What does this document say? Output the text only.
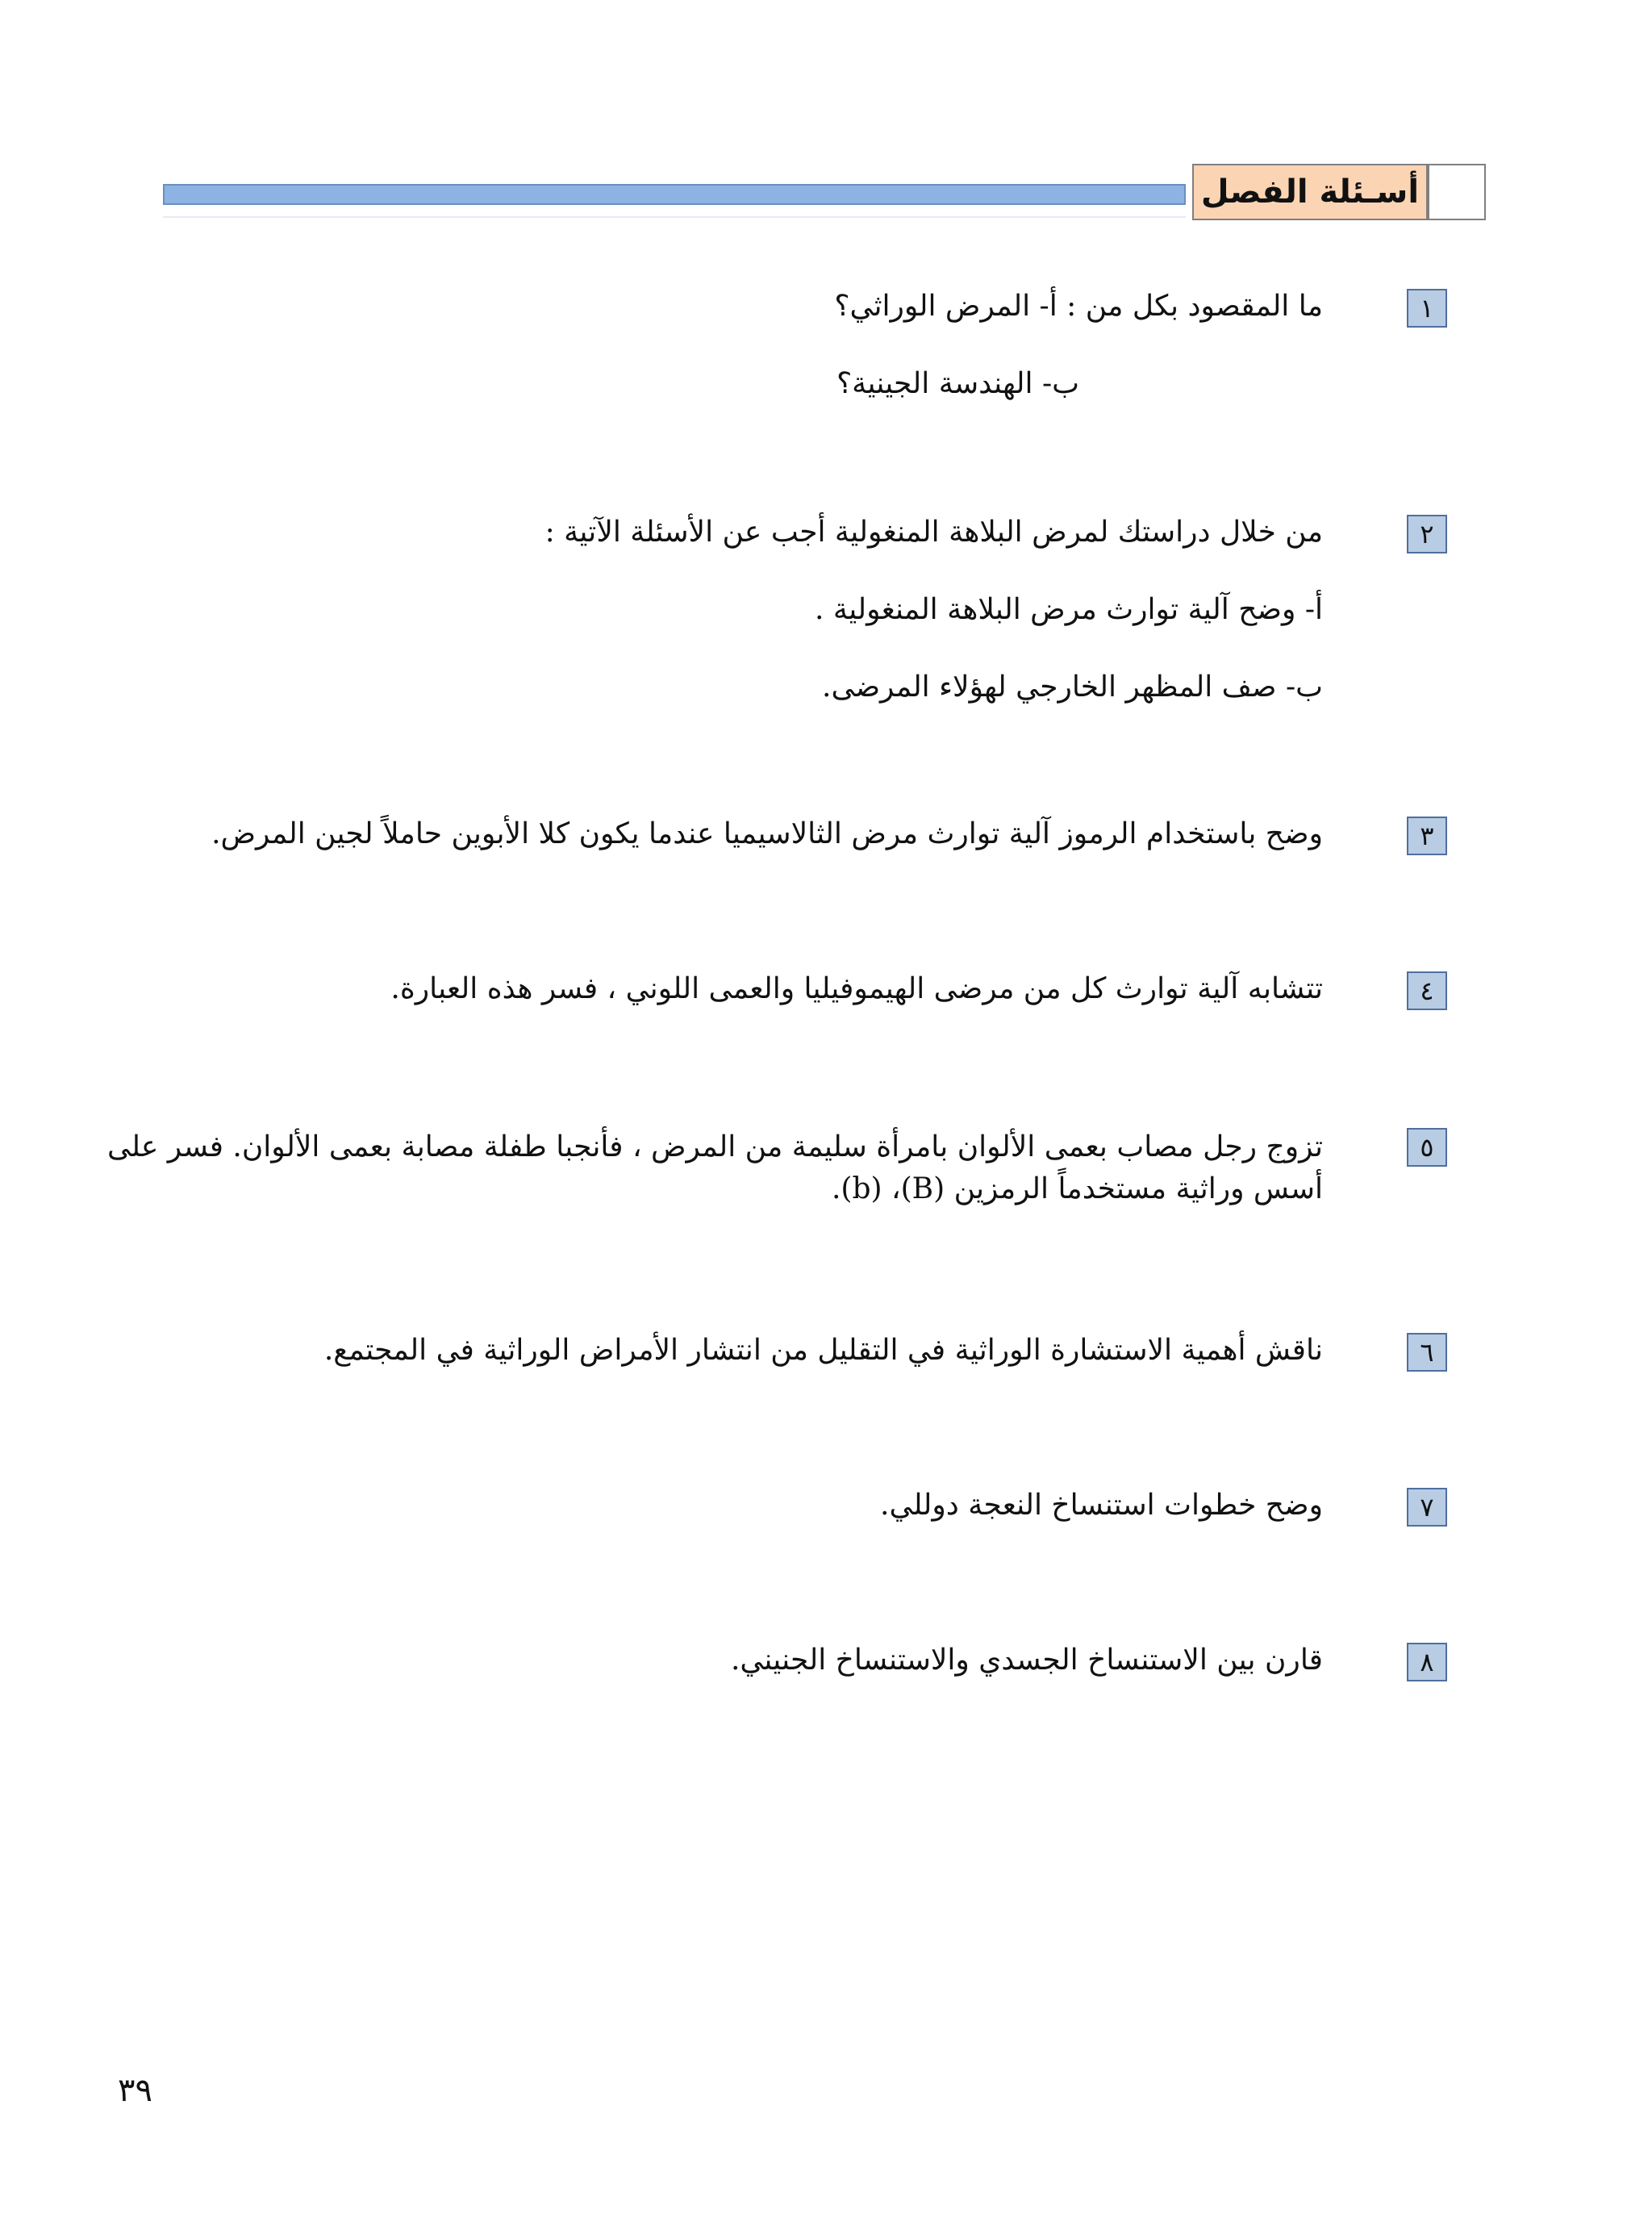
أسـئلة الفصل
١
ما المقصود بكل من : أ- المرض الوراثي؟
ب- الهندسة الجينية؟
٢
من خلال دراستك لمرض البلاهة المنغولية أجب عن الأسئلة الآتية :
أ- وضح آلية توارث مرض البلاهة المنغولية .
ب- صف المظهر الخارجي لهؤلاء المرضى.
٣
وضح باستخدام الرموز آلية توارث مرض الثالاسيميا عندما يكون كلا الأبوين حاملاً لجين المرض.
٤
تتشابه آلية توارث كل من مرضى الهيموفيليا والعمى اللوني ، فسر هذه العبارة.
٥
تزوج رجل مصاب بعمى الألوان بامرأة سليمة من المرض ، فأنجبا طفلة مصابة بعمى الألوان. فسر على أسس وراثية مستخدماً الرمزين (B)، (b).
٦
ناقش أهمية الاستشارة الوراثية في التقليل من انتشار الأمراض الوراثية في المجتمع.
٧
وضح خطوات استنساخ النعجة دوللي.
٨
قارن بين الاستنساخ الجسدي والاستنساخ الجنيني.
٣٩
